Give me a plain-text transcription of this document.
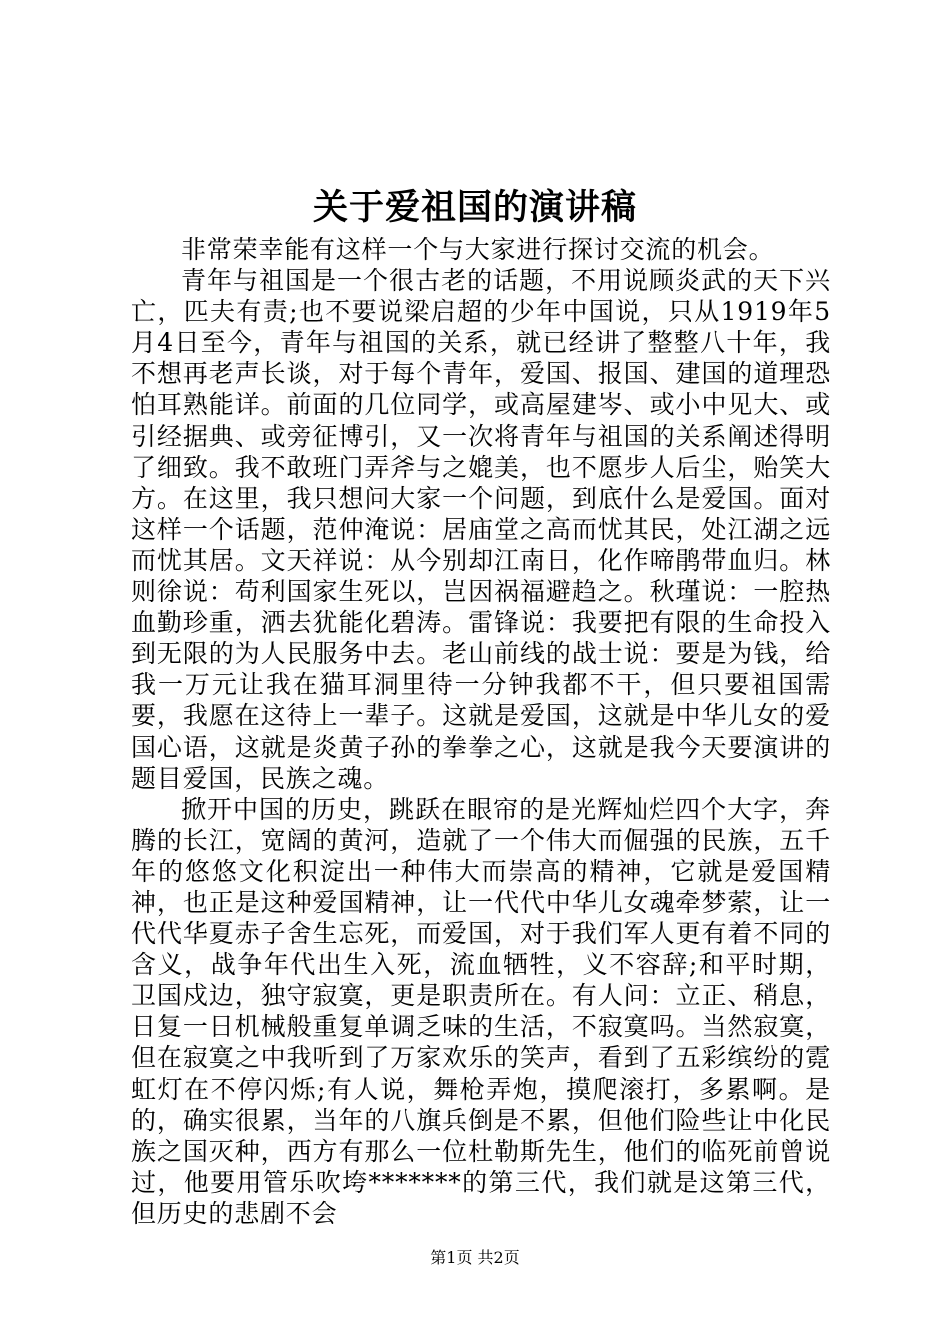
关于爱祖国的演讲稿

非常荣幸能有这样一个与大家进行探讨交流的机会。

青年与祖国是一个很古老的话题，不用说顾炎武的天下兴亡，匹夫有责;也不要说梁启超的少年中国说，只从1919年5月4日至今，青年与祖国的关系，就已经讲了整整八十年，我不想再老声长谈，对于每个青年，爱国、报国、建国的道理恐怕耳熟能详。前面的几位同学，或高屋建岑、或小中见大、或引经据典、或旁征博引，又一次将青年与祖国的关系阐述得明了细致。我不敢班门弄斧与之媲美，也不愿步人后尘，贻笑大方。在这里，我只想问大家一个问题，到底什么是爱国。面对这样一个话题，范仲淹说：居庙堂之高而忧其民，处江湖之远而忧其居。文天祥说：从今别却江南日，化作啼鹃带血归。林则徐说：苟利国家生死以，岂因祸福避趋之。秋瑾说：一腔热血勤珍重，洒去犹能化碧涛。雷锋说：我要把有限的生命投入到无限的为人民服务中去。老山前线的战士说：要是为钱，给我一万元让我在猫耳洞里待一分钟我都不干，但只要祖国需要，我愿在这待上一辈子。这就是爱国，这就是中华儿女的爱国心语，这就是炎黄子孙的拳拳之心，这就是我今天要演讲的题目爱国，民族之魂。

掀开中国的历史，跳跃在眼帘的是光辉灿烂四个大字，奔腾的长江，宽阔的黄河，造就了一个伟大而倔强的民族，五千年的悠悠文化积淀出一种伟大而崇高的精神，它就是爱国精神，也正是这种爱国精神，让一代代中华儿女魂牵梦萦，让一代代华夏赤子舍生忘死，而爱国，对于我们军人更有着不同的含义，战争年代出生入死，流血牺牲，义不容辞;和平时期，卫国戍边，独守寂寞，更是职责所在。有人问：立正、稍息，日复一日机械般重复单调乏味的生活，不寂寞吗。当然寂寞，但在寂寞之中我听到了万家欢乐的笑声，看到了五彩缤纷的霓虹灯在不停闪烁;有人说，舞枪弄炮，摸爬滚打，多累啊。是的，确实很累，当年的八旗兵倒是不累，但他们险些让中化民族之国灭种，西方有那么一位杜勒斯先生，他们的临死前曾说过，他要用管乐吹垮*******的第三代，我们就是这第三代，但历史的悲剧不会

第1页 共2页
